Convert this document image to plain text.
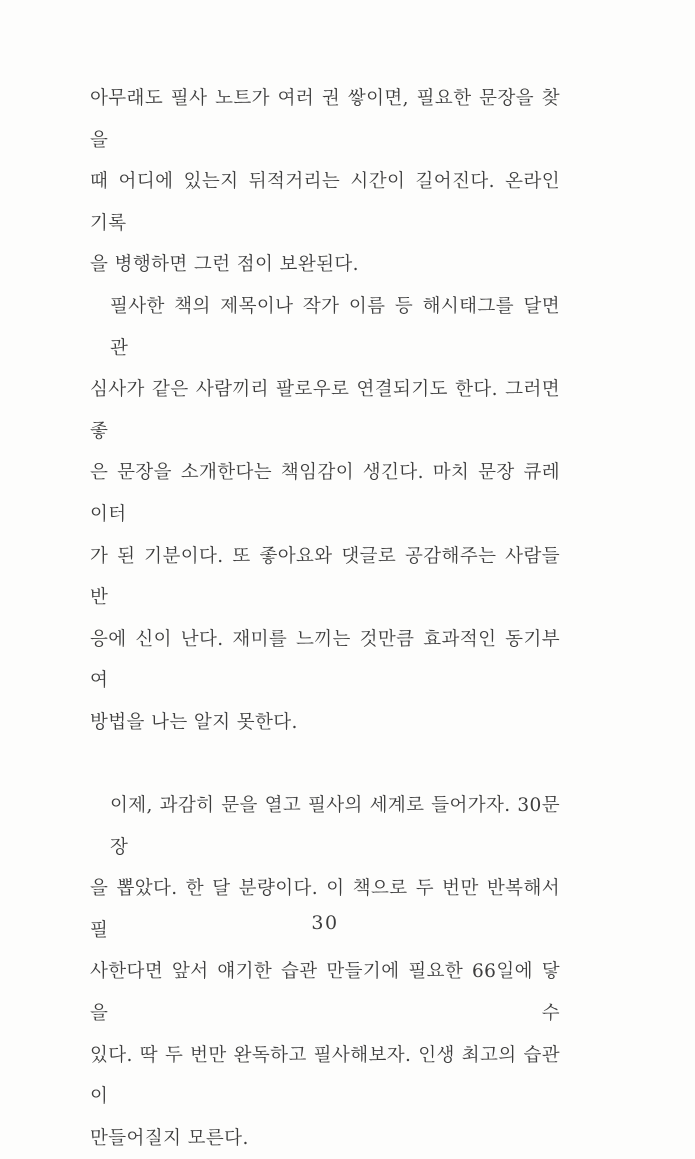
아무래도 필사 노트가 여러 권 쌓이면, 필요한 문장을 찾을
때 어디에 있는지 뒤적거리는 시간이 길어진다. 온라인 기록
을 병행하면 그런 점이 보완된다.
필사한 책의 제목이나 작가 이름 등 해시태그를 달면 관
심사가 같은 사람끼리 팔로우로 연결되기도 한다. 그러면 좋
은 문장을 소개한다는 책임감이 생긴다. 마치 문장 큐레이터
가 된 기분이다. 또 좋아요와 댓글로 공감해주는 사람들 반
응에 신이 난다. 재미를 느끼는 것만큼 효과적인 동기부여
방법을 나는 알지 못한다.
이제, 과감히 문을 열고 필사의 세계로 들어가자. 30문장
을 뽑았다. 한 달 분량이다. 이 책으로 두 번만 반복해서 필
사한다면 앞서 얘기한 습관 만들기에 필요한 66일에 닿을 수
있다. 딱 두 번만 완독하고 필사해보자. 인생 최고의 습관이
만들어질지 모른다.
30
